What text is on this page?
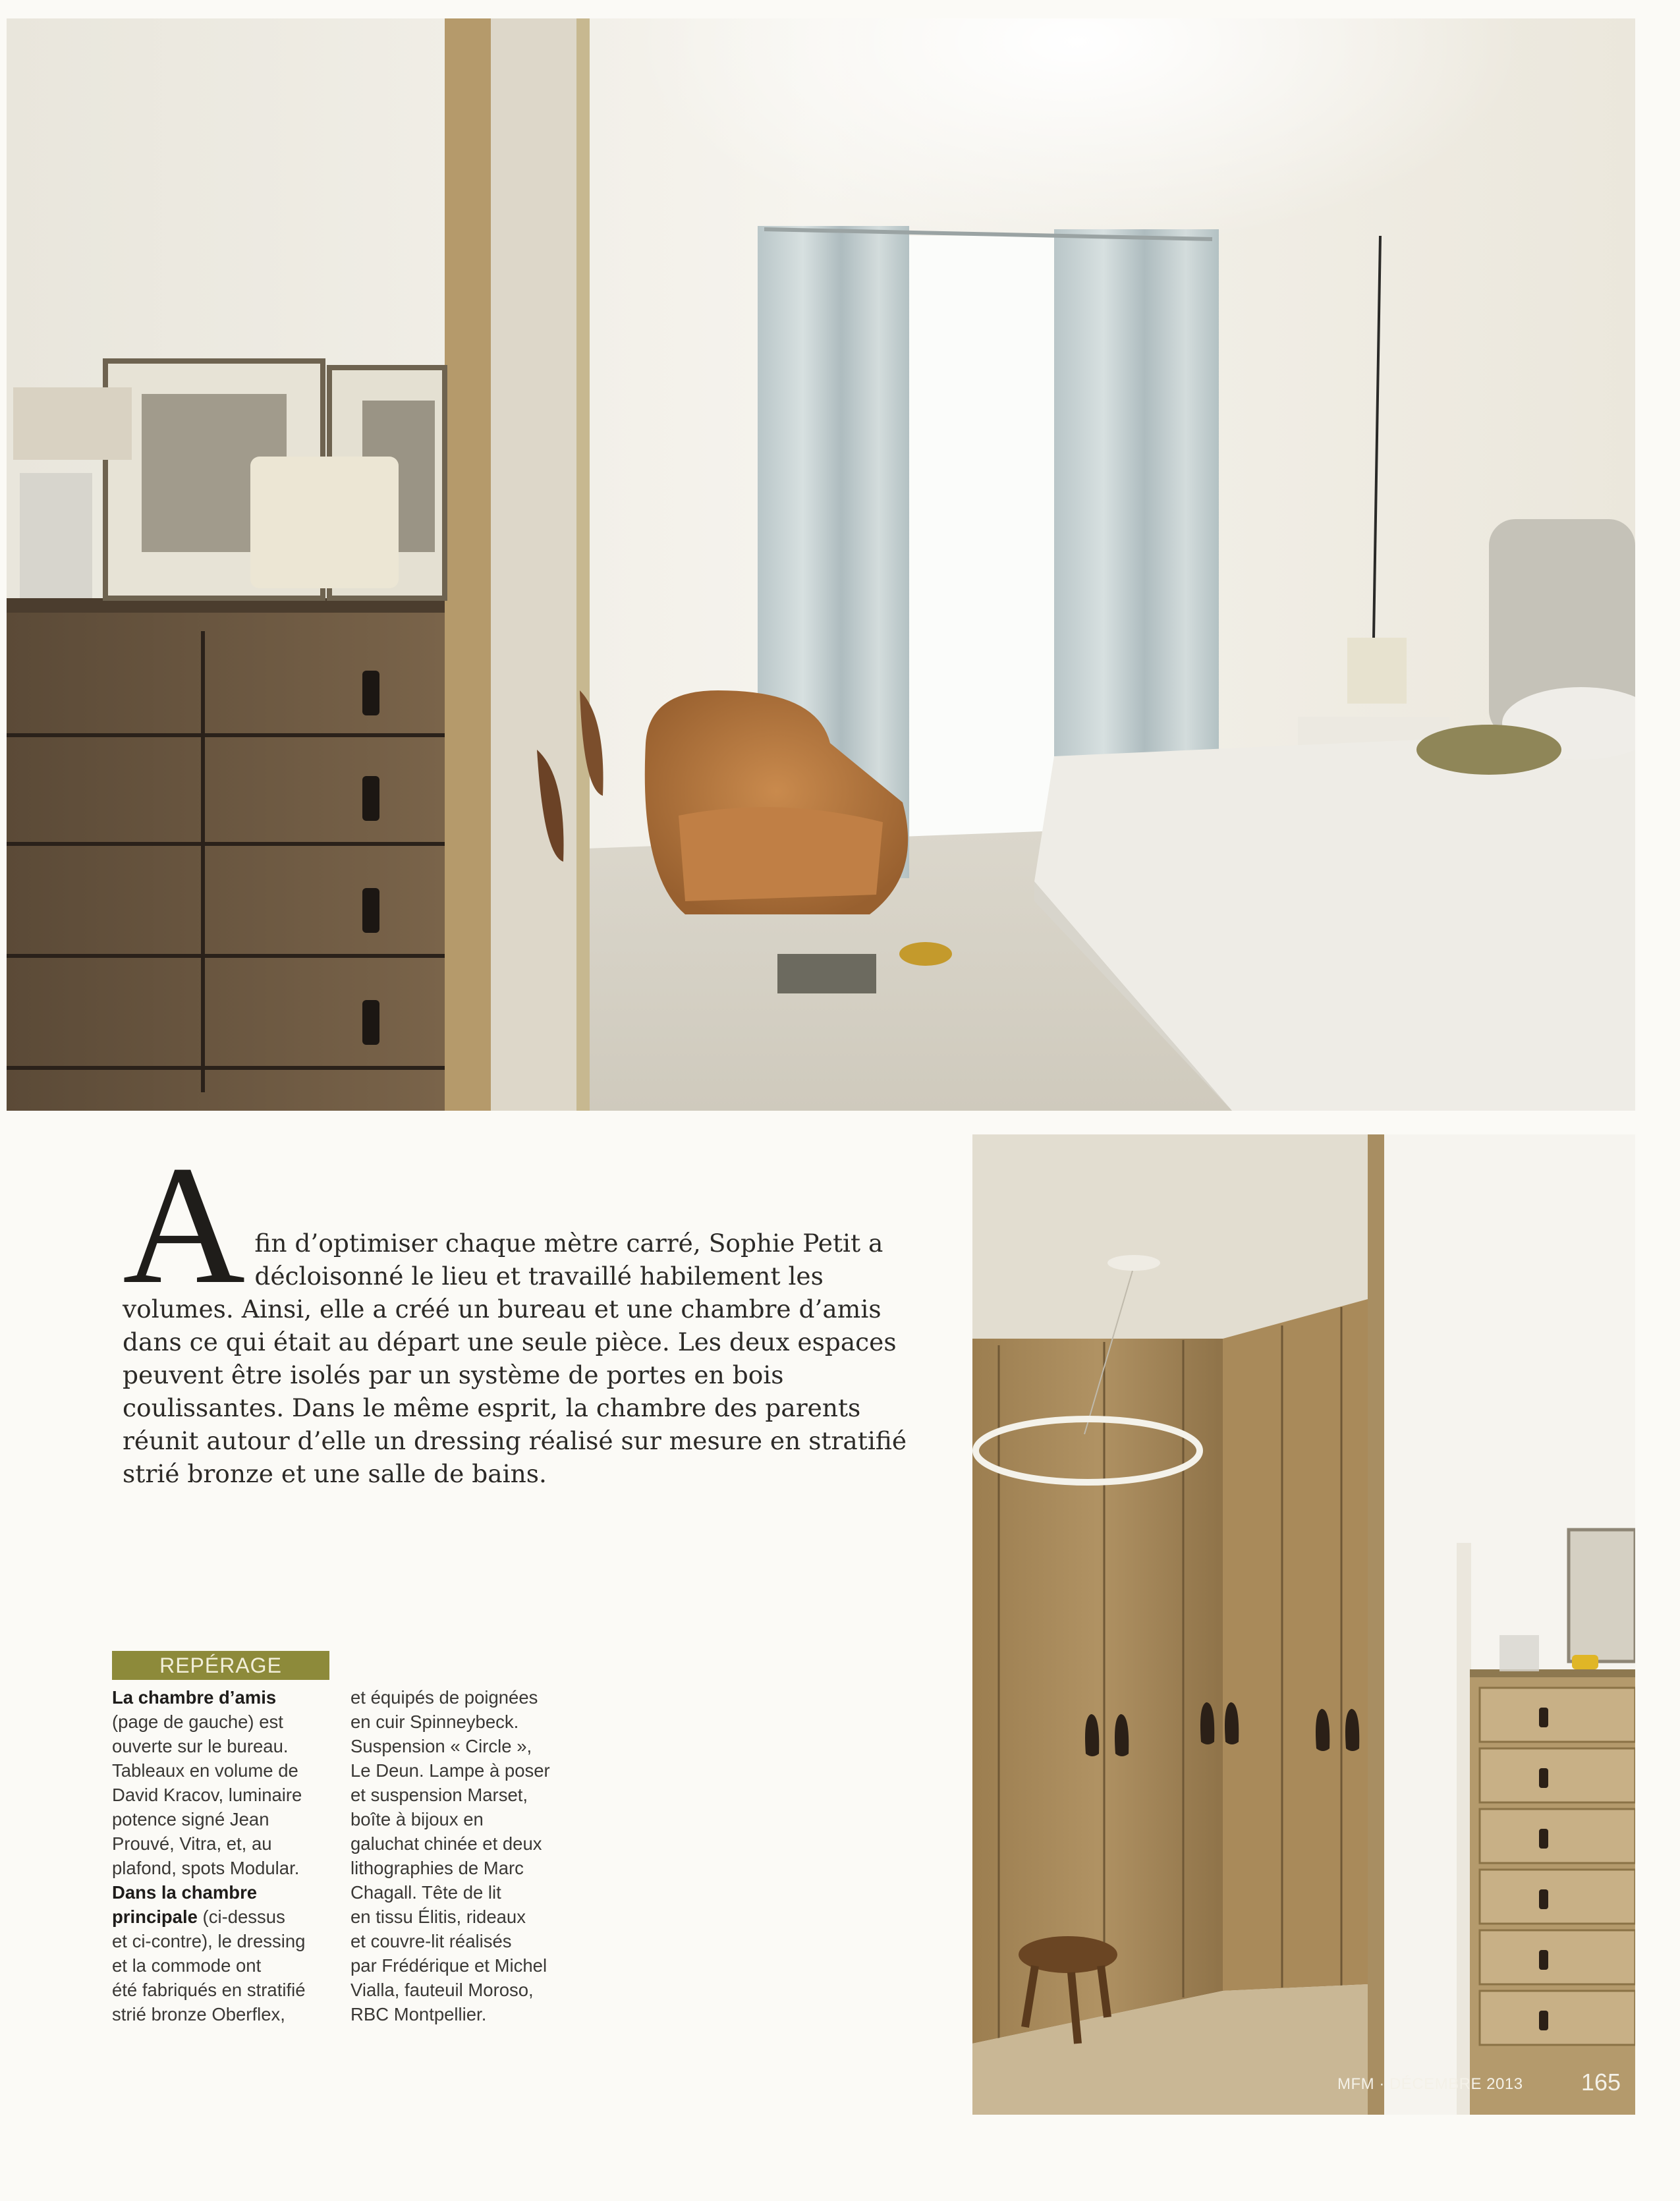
A fin d’optimiser chaque mètre carré, Sophie Petit a décloisonné le lieu et travaillé habilement les volumes. Ainsi, elle a créé un bureau et une chambre d’amis dans ce qui était au départ une seule pièce. Les deux espaces peuvent être isolés par un système de portes en bois coulissantes. Dans le même esprit, la chambre des parents réunit autour d’elle un dressing réalisé sur mesure en stratifié strié bronze et une salle de bains.

REPÉRAGE

La chambre d’amis

(page de gauche) est
ouverte sur le bureau.
Tableaux en volume de
David Kracov, luminaire
potence signé Jean
Prouvé, Vitra, et, au
plafond, spots Modular.

Dans la chambre
principale (ci-dessus
et ci-contre), le dressing
et la commode ont
été fabriqués en stratifié
strié bronze Oberflex,

et équipés de poignées
en cuir Spinneybeck.
Suspension « Circle »,
Le Deun. Lampe à poser
et suspension Marset,
boîte à bijoux en
galuchat chinée et deux
lithographies de Marc
Chagall. Tête de lit
en tissu Élitis, rideaux
et couvre-lit réalisés
par Frédérique et Michel
Vialla, fauteuil Moroso,
RBC Montpellier.

MFM · DÉCEMBRE 2013 165
